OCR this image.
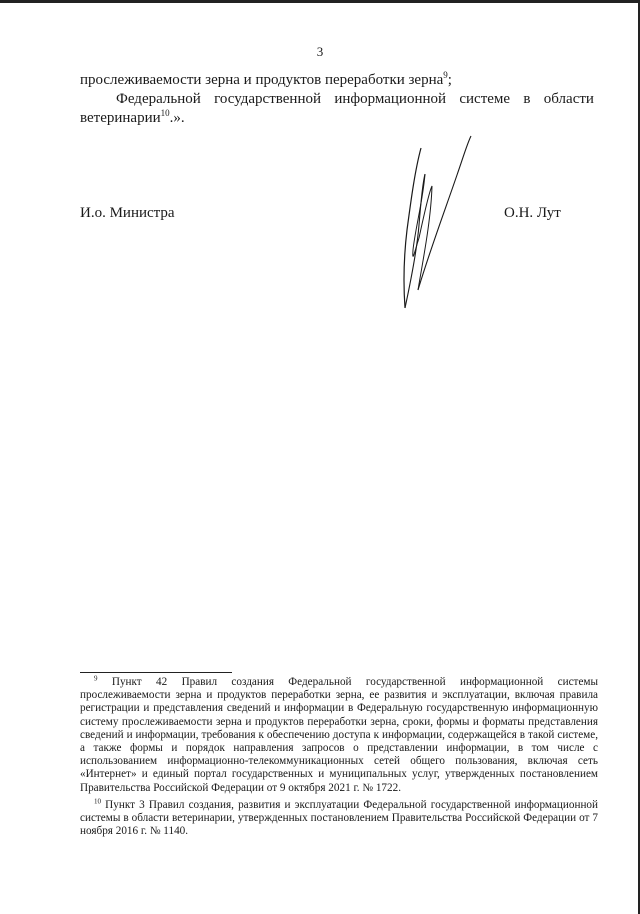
3
прослеживаемости зерна и продуктов переработки зерна$^9$;
Федеральной государственной информационной системе в области
ветеринарии$^{10}$.».
И.о. Министра	О.Н. Лут
$^9$ Пункт 42 Правил создания Федеральной государственной информационной системы прослеживаемости зерна и продуктов переработки зерна, ее развития и эксплуатации, включая правила регистрации и представления сведений и информации в Федеральную государственную информационную систему прослеживаемости зерна и продуктов переработки зерна, сроки, формы и форматы представления сведений и информации, требования к обеспечению доступа к информации, содержащейся в такой системе, а также формы и порядок направления запросов о представлении информации, в том числе с использованием информационно-телекоммуникационных сетей общего пользования, включая сеть «Интернет» и единый портал государственных и муниципальных услуг, утвержденных постановлением Правительства Российской Федерации от 9 октября 2021 г. № 1722.
$^{10}$ Пункт 3 Правил создания, развития и эксплуатации Федеральной государственной информационной системы в области ветеринарии, утвержденных постановлением Правительства Российской Федерации от 7 ноября 2016 г. № 1140.
